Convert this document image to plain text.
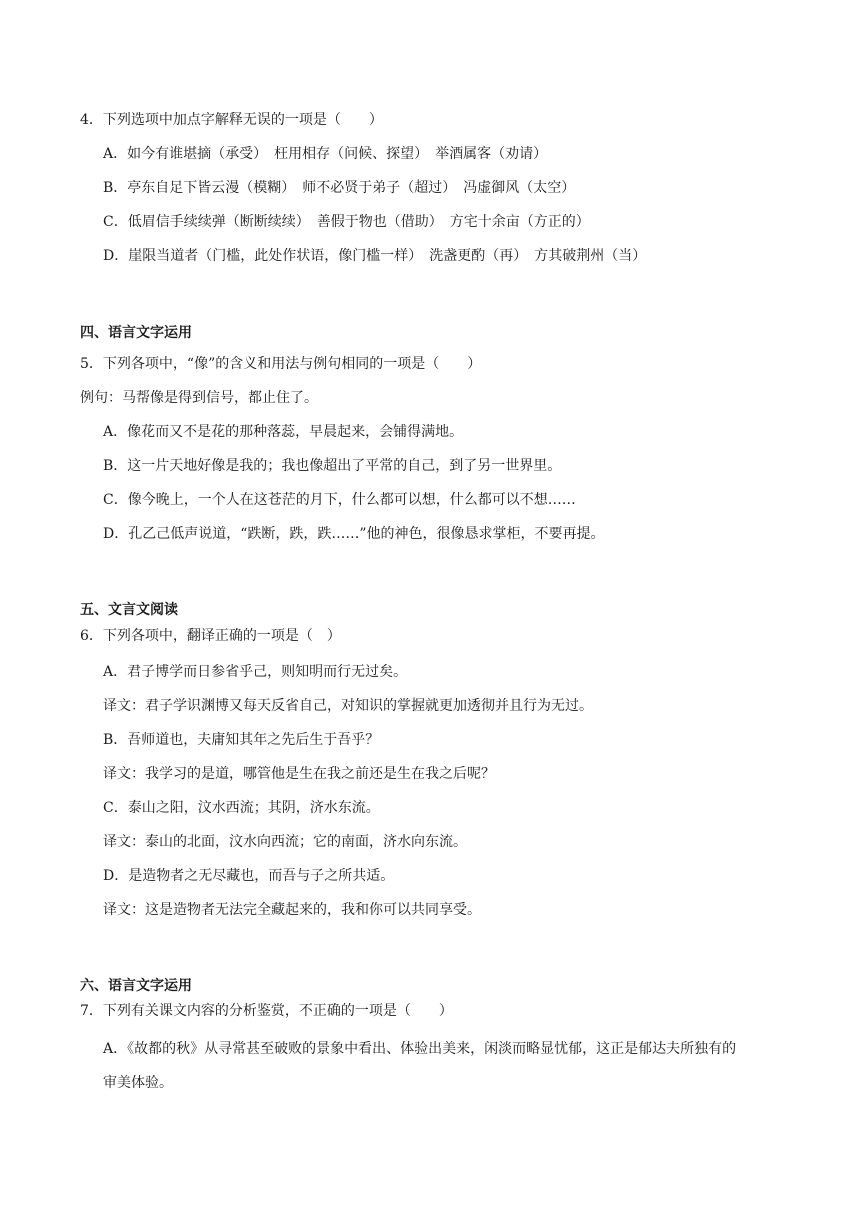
4．下列选项中加点字解释无误的一项是（　　）
A．如今有谁堪摘（承受）　枉用相存（问候、探望）　举酒属客（劝请）
B．亭东自足下皆云漫（模糊）　师不必贤于弟子（超过）　冯虚御风（太空）
C．低眉信手续续弹（断断续续）　善假于物也（借助）　方宅十余亩（方正的）
D．崖限当道者（门槛，此处作状语，像门槛一样）　洗盏更酌（再）　方其破荆州（当）
四、语言文字运用
5．下列各项中，“像”的含义和用法与例句相同的一项是（　　）
例句：马帮像是得到信号，都止住了。
A．像花而又不是花的那种落蕊，早晨起来，会铺得满地。
B．这一片天地好像是我的；我也像超出了平常的自己，到了另一世界里。
C．像今晚上，一个人在这苍茫的月下，什么都可以想，什么都可以不想……
D．孔乙己低声说道，“跌断，跌，跌……”他的神色，很像恳求掌柜，不要再提。
五、文言文阅读
6．下列各项中，翻译正确的一项是（　）
A．君子博学而日参省乎己，则知明而行无过矣。
译文：君子学识渊博又每天反省自己，对知识的掌握就更加透彻并且行为无过。
B．吾师道也，夫庸知其年之先后生于吾乎？
译文：我学习的是道，哪管他是生在我之前还是生在我之后呢？
C．泰山之阳，汶水西流；其阴，济水东流。
译文：泰山的北面，汶水向西流；它的南面，济水向东流。
D．是造物者之无尽藏也，而吾与子之所共适。
译文：这是造物者无法完全藏起来的，我和你可以共同享受。
六、语言文字运用
7．下列有关课文内容的分析鉴赏，不正确的一项是（　　）
A．《故都的秋》从寻常甚至破败的景象中看出、体验出美来，闲淡而略显忧郁，这正是郁达夫所独有的
审美体验。
